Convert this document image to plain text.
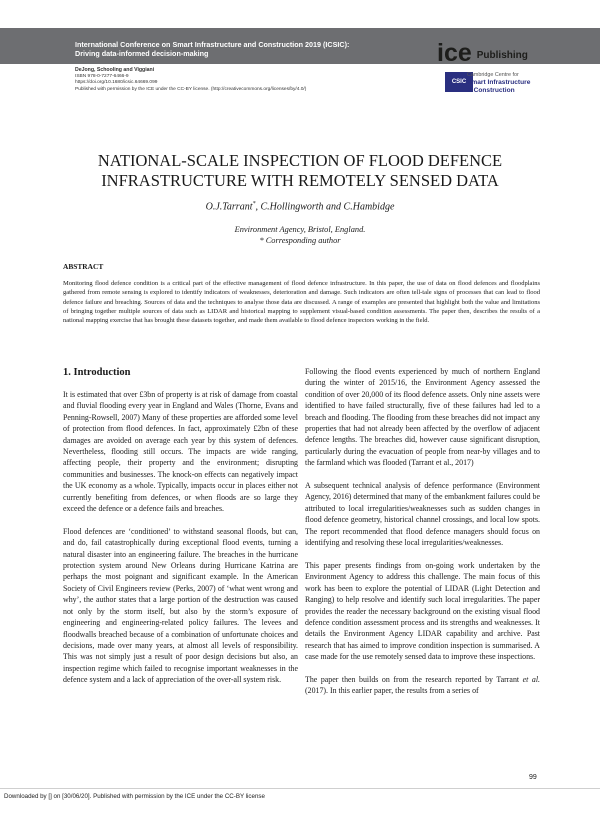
International Conference on Smart Infrastructure and Construction 2019 (ICSIC):
Driving data-informed decision-making	ice Publishing
DeJong, Schooling and Viggiani
ISBN 978-0-7277-6466-9
https://doi.org/10.1680/icsic.64669.099
Published with permission by the ICE under the CC-BY license. (http://creativecommons.org/licenses/by/4.0/)
CSIC
Cambridge Centre for
Smart Infrastructure
& Construction
NATIONAL-SCALE INSPECTION OF FLOOD DEFENCE
INFRASTRUCTURE WITH REMOTELY SENSED DATA
O.J.Tarrant*, C.Hollingworth and C.Hambidge
Environment Agency, Bristol, England.
* Corresponding author
ABSTRACT
Monitoring flood defence condition is a critical part of the effective management of flood defence infrastructure. In this paper, the use of data on flood defences and floodplains gathered from remote sensing is explored to identify indicators of weaknesses, deterioration and damage. Such indicators are often tell-tale signs of processes that can lead to flood defence failure and breaching. Sources of data and the techniques to analyse those data are discussed. A range of examples are presented that highlight both the value and limitations of bringing together multiple sources of data such as LIDAR and historical mapping to supplement visual-based condition assessments. The paper then, describes the results of a national mapping exercise that has brought these datasets together, and made them available to flood defence inspectors working in the field.
1. Introduction

It is estimated that over £3bn of property is at risk of damage from coastal and fluvial flooding every year in England and Wales (Thorne, Evans and Penning-Rowsell, 2007) Many of these properties are afforded some level of protection from flood defences. In fact, approximately £2bn of these damages are avoided on average each year by this system of defences. Nevertheless, flooding still occurs. The impacts are wide ranging, affecting people, their property and the environment; disrupting communities and businesses. The knock-on effects can negatively impact the UK economy as a whole. Typically, impacts occur in places either not currently benefiting from defences, or when floods are so large they exceed the defence or a defence fails and breaches.

Flood defences are ‘conditioned’ to withstand seasonal floods, but can, and do, fail catastrophically during exceptional flood events, turning a natural disaster into an engineering failure. The breaches in the hurricane protection system around New Orleans during Hurricane Katrina are perhaps the most poignant and significant example. In the American Society of Civil Engineers review (Perks, 2007) of ‘what went wrong and why’, the author states that a large portion of the destruction was caused not only by the storm itself, but also by the storm’s exposure of engineering and engineering-related policy failures. The levees and floodwalls breached because of a combination of unfortunate choices and decisions, made over many years, at almost all levels of responsibility. This was not simply just a result of poor design decisions but also, an inspection regime which failed to recognise important weaknesses in the defence system and a lack of appreciation of the over-all system risk.

Following the flood events experienced by much of northern England during the winter of 2015/16, the Environment Agency assessed the condition of over 20,000 of its flood defence assets. Only nine assets were identified to have failed structurally, five of these failures had led to a breach and flooding. The flooding from these breaches did not impact any properties that had not already been affected by the overflow of adjacent defence lengths. The breaches did, however cause significant disruption, particularly during the evacuation of people from near-by villages and to the farmland which was flooded (Tarrant et al., 2017)

A subsequent technical analysis of defence performance (Environment Agency, 2016) determined that many of the embankment failures could be attributed to local irregularities/weaknesses such as sudden changes in flood defence geometry, historical channel crossings, and local low spots. The report recommended that flood defence managers should focus on identifying and resolving these local irregularities/weaknesses.

This paper presents findings from on-going work undertaken by the Environment Agency to address this challenge. The main focus of this work has been to explore the potential of LIDAR (Light Detection and Ranging) to help resolve and identify such local irregularities. The paper provides the reader the necessary background on the existing visual flood defence condition assessment process and its strengths and weaknesses. It details the Environment Agency LIDAR capability and archive. Past research that has aimed to improve condition inspection is summarised. A case made for the use remotely sensed data to improve these inspections.

The paper then builds on from the research reported by Tarrant et al. (2017). In this earlier paper, the results from a series of

99
Downloaded by [] on [30/06/20]. Published with permission by the ICE under the CC-BY license
